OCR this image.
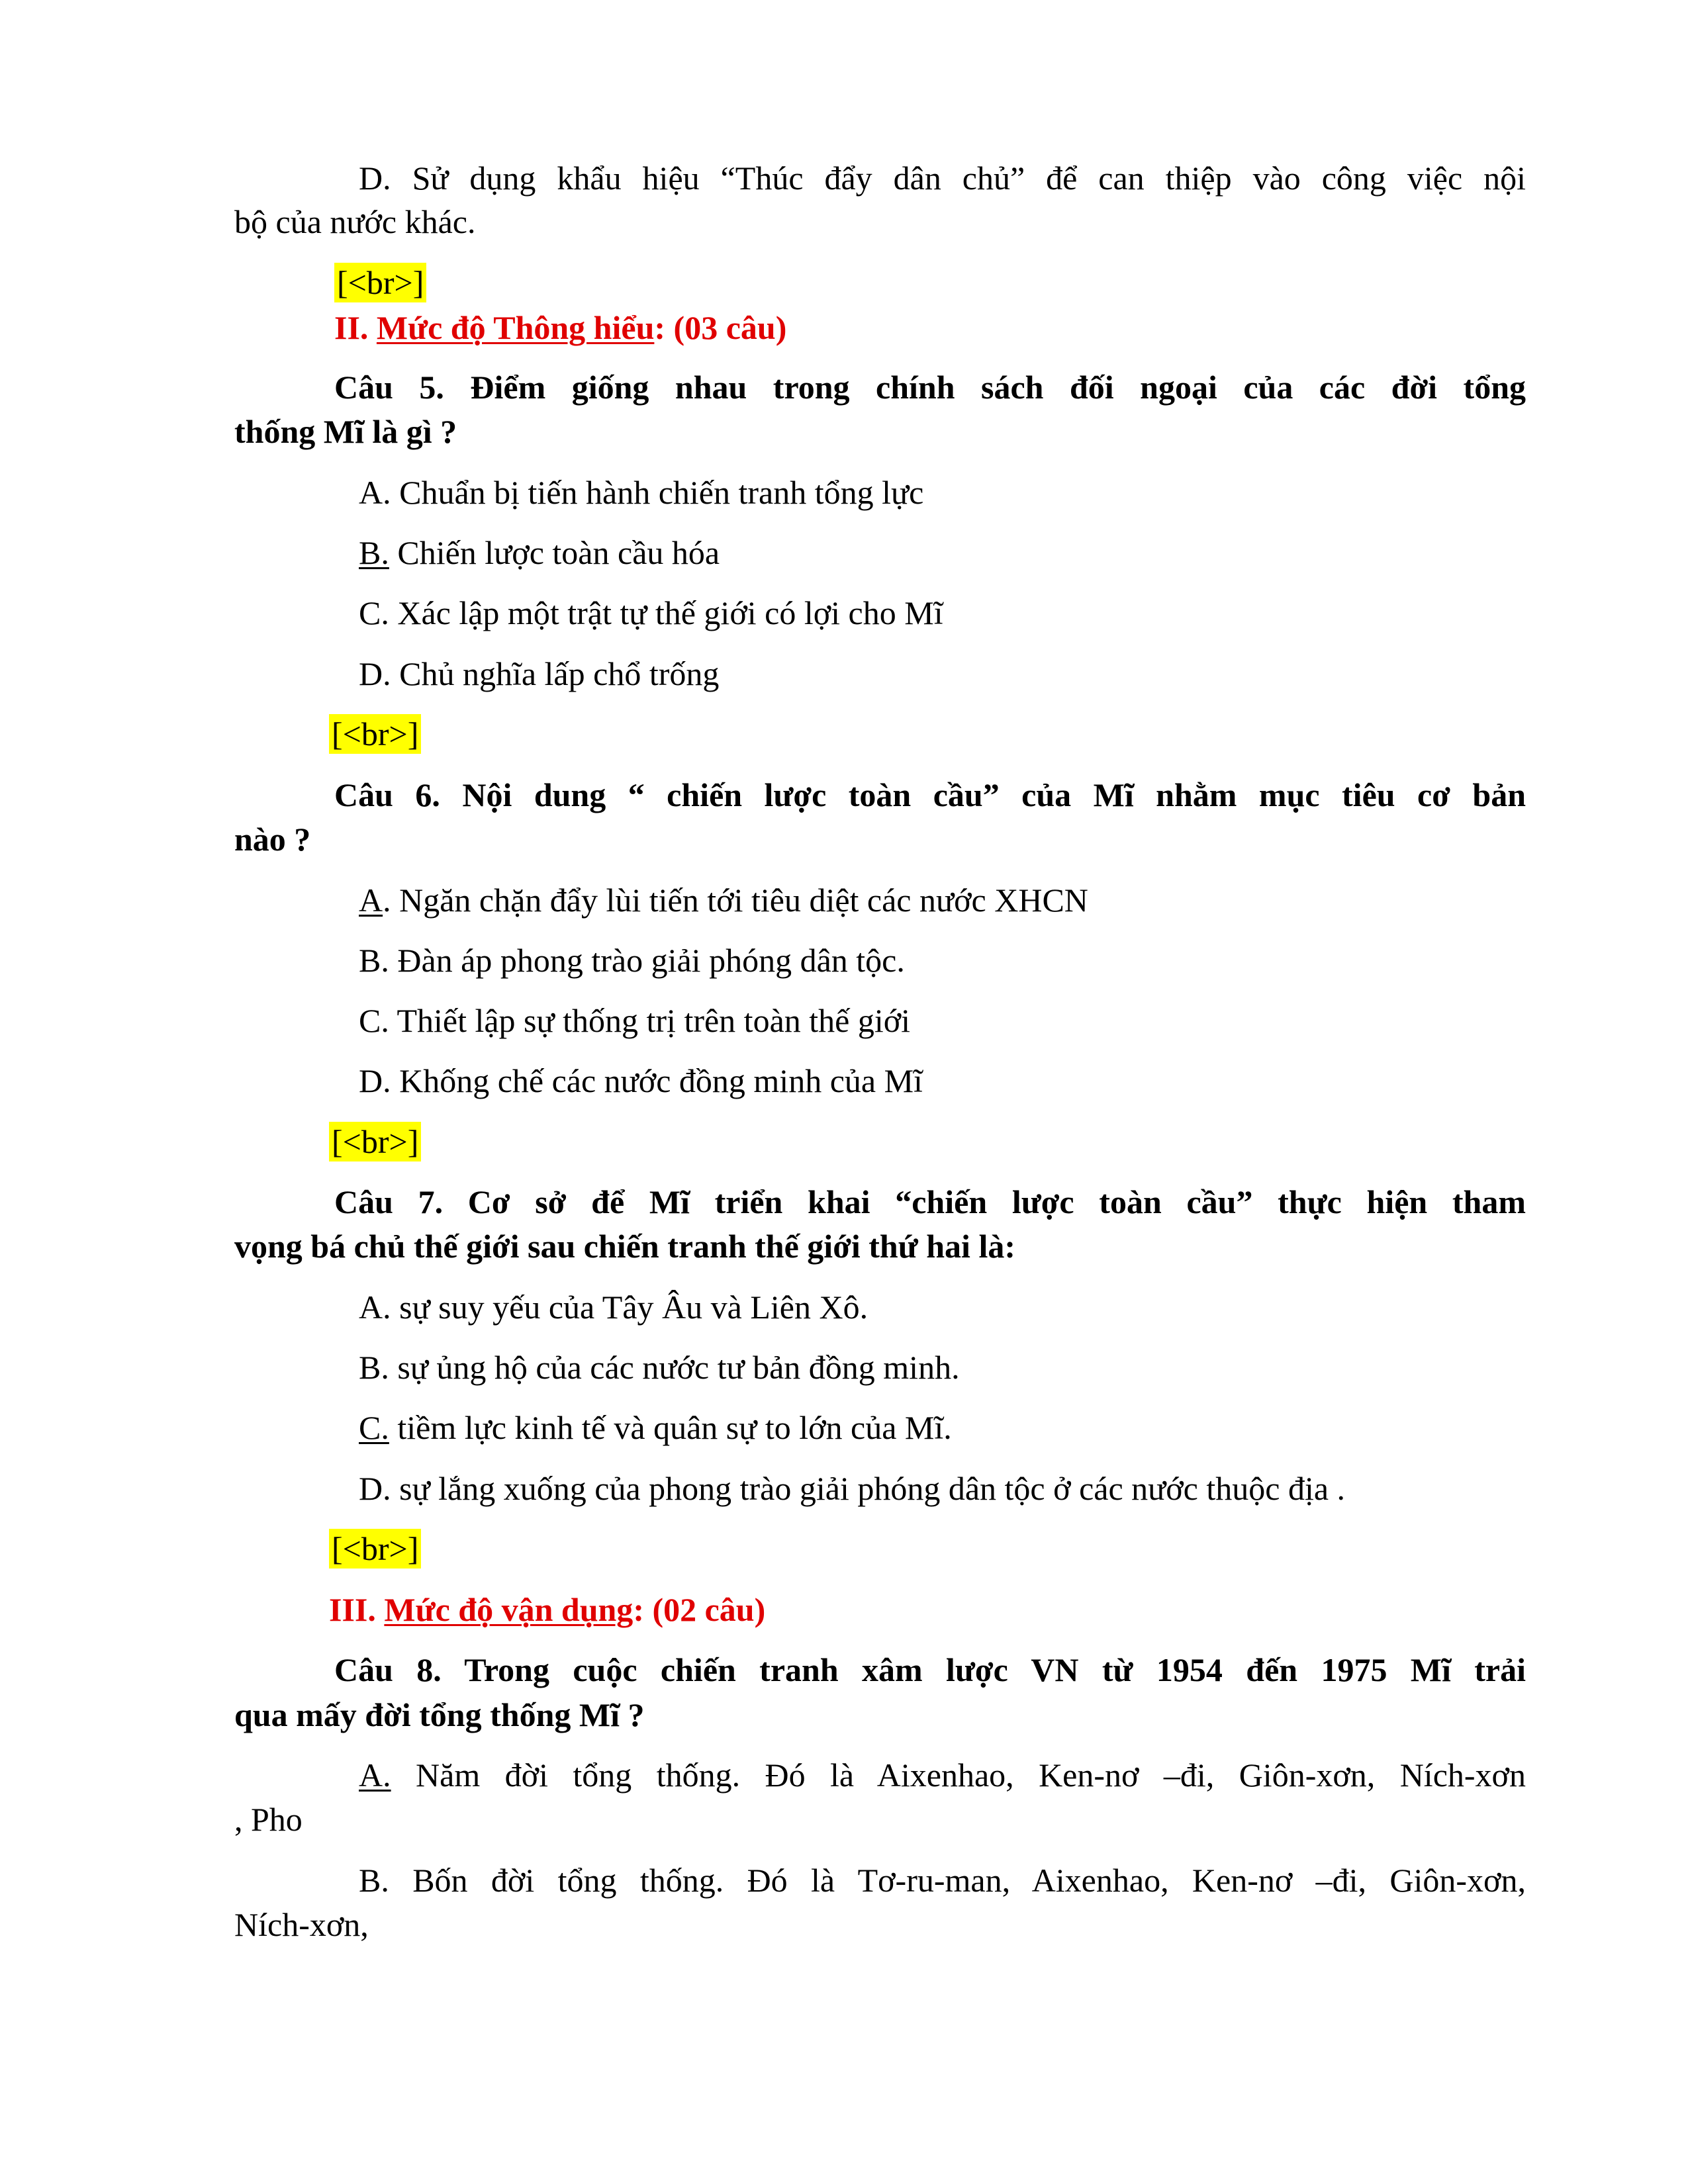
D. Sử dụng khẩu hiệu “Thúc đẩy dân chủ” để can thiệp vào công việc nội
bộ của nước khác.
[<br>]
II. Mức độ Thông hiểu: (03 câu)
Câu 5. Điểm giống nhau trong chính sách đối ngoại của các đời tổng
thống Mĩ là gì ?
A. Chuẩn bị tiến hành chiến tranh tổng lực
B. Chiến lược toàn cầu hóa
C. Xác lập một trật tự thế giới có lợi cho Mĩ
D. Chủ nghĩa lấp chổ trống
[<br>]
Câu 6. Nội dung “ chiến lược toàn cầu” của Mĩ nhằm mục tiêu cơ bản
nào ?
A. Ngăn chặn đẩy lùi tiến tới tiêu diệt các nước XHCN
B. Đàn áp phong trào giải phóng dân tộc.
C. Thiết lập sự thống trị trên toàn thế giới
D. Khống chế các nước đồng minh của Mĩ
[<br>]
Câu 7. Cơ sở để Mĩ triển khai “chiến lược toàn cầu” thực hiện tham
vọng bá chủ thế giới sau chiến tranh thế giới thứ hai là:
A. sự suy yếu của Tây Âu và Liên Xô.
B. sự ủng hộ của các nước tư bản đồng minh.
C. tiềm lực kinh tế và quân sự to lớn của Mĩ.
D. sự lắng xuống của phong trào giải phóng dân tộc ở các nước thuộc địa .
[<br>]
III. Mức độ vận dụng: (02 câu)
Câu 8. Trong cuộc chiến tranh xâm lược VN từ 1954 đến 1975 Mĩ trải
qua mấy đời tổng thống Mĩ ?
A. Năm đời tổng thống. Đó là Aixenhao, Ken-nơ –đi, Giôn-xơn, Ních-xơn
, Pho
B. Bốn đời tổng thống. Đó là Tơ-ru-man, Aixenhao, Ken-nơ –đi, Giôn-xơn,
Ních-xơn,
